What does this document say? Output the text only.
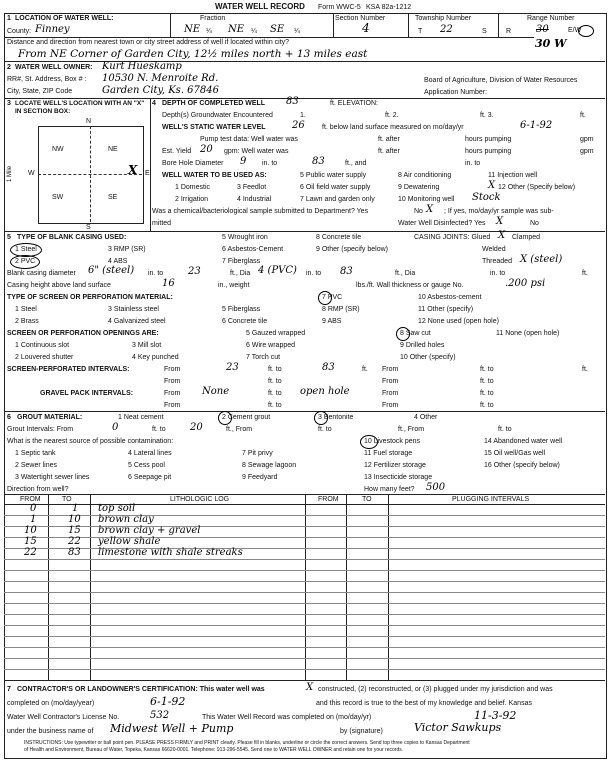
WATER WELL RECORD Form WWC-5 KSA 82a-1212
1 LOCATION OF WATER WELL:	Fraction	Section Number	Township Number	Range Number
County: Finney	NE ¼ NE ¼ SE ¼	4	T 22	S	R 30	E/W
30 W
Distance and direction from nearest town or city street address of well if located within city?
From NE Corner of Garden City, 12½ miles north + 13 miles east
2 WATER WELL OWNER: Kurt Hueskamp
RR#, St. Address, Box # : 10530 N. Menroite Rd.
City, State, ZIP Code	Garden City, Ks. 67846
Board of Agriculture, Division of Water Resources
Application Number:
3 LOCATE WELL'S LOCATION WITH AN "X" IN SECTION BOX:
N
NW	NE
SW	SE
W	E
S
1 Mile	X
4 DEPTH OF COMPLETED WELL 83	ft. ELEVATION:
Depth(s) Groundwater Encountered	1.	ft. 2.	ft. 3.	ft.
WELL'S STATIC WATER LEVEL	26 ft. below land surface measured on mo/day/yr	6-1-92
Pump test data: Well water was	ft. after	hours pumping	gpm
Est. Yield 20 gpm: Well water was	ft. after	hours pumping	gpm
Bore Hole Diameter 9 in. to	83	ft., and	in. to
WELL WATER TO BE USED AS:	5 Public water supply	8 Air conditioning	11 Injection well
1 Domestic	3 Feedlot	6 Oil field water supply	9 Dewatering	12 Other (Specify below)
X
2 Irrigation	4 Industrial	7 Lawn and garden only	10 Monitoring well Stock
Was a chemical/bacteriological sample submitted to Department? Yes	No X ; If yes, mo/day/yr sample was sub-
mitted	Water Well Disinfected? Yes X	No
5 TYPE OF BLANK CASING USED:	5 Wrought iron	8 Concrete tile	CASING JOINTS: Glued X Clamped
1 Steel	3 RMP (SR)	6 Asbestos-Cement	9 Other (specify below)	Welded
2 PVC	4 ABS	7 Fiberglass	Threaded X (steel)
Blank casing diameter 6" (steel) in. to 23	ft., Dia 4 (PVC) in. to 83	ft., Dia	in. to	ft.
Casing height above land surface	16	in., weight	lbs./ft. Wall thickness or gauge No.	.200 psi
TYPE OF SCREEN OR PERFORATION MATERIAL:	7 PVC	10 Asbestos-cement
1 Steel	3 Stainless steel	5 Fiberglass	8 RMP (SR)	11 Other (specify)
2 Brass	4 Galvanized steel	6 Concrete tile	9 ABS	12 None used (open hole)
SCREEN OR PERFORATION OPENINGS ARE:	5 Gauzed wrapped	8 Saw cut	11 None (open hole)
1 Continuous slot	3 Mill slot	6 Wire wrapped	9 Drilled holes
2 Louvered shutter	4 Key punched	7 Torch cut	10 Other (specify)
SCREEN-PERFORATED INTERVALS:	From	23	ft. to	83	ft. From	ft. to	ft.
From	ft. to	From	ft. to
GRAVEL PACK INTERVALS:	From None	ft. to open hole	From	ft. to
From	ft. to	From	ft. to
6 GROUT MATERIAL:	1 Neat cement	2 Cement grout	3 Bentonite	4 Other
Grout Intervals: From	0	ft. to 20	ft., From	ft. to	ft., From	ft. to
What is the nearest source of possible contamination:	10 Livestock pens	14 Abandoned water well
1 Septic tank	4 Lateral lines	7 Pit privy	11 Fuel storage	15 Oil well/Gas well
2 Sewer lines	5 Cess pool	8 Sewage lagoon	12 Fertilizer storage	16 Other (specify below)
3 Watertight sewer lines	6 Seepage pit	9 Feedyard	13 Insecticide storage
Direction from well?	How many feet? 500
FROM	TO	LITHOLOGIC LOG	FROM	TO	PLUGGING INTERVALS
0	1 top soil
1	10 brown clay
10	15 brown clay + gravel
15	22 yellow shale
22	83 limestone with shale streaks
7 CONTRACTOR'S OR LANDOWNER'S CERTIFICATION: This water well was	X constructed, (2) reconstructed, or (3) plugged under my jurisdiction and was
completed on (mo/day/year)	6-1-92	and this record is true to the best of my knowledge and belief. Kansas
Water Well Contractor's License No.	532	This Water Well Record was completed on (mo/day/yr)	11-3-92
under the business name of Midwest Well + Pump	by (signature)	Victor Sawkups
INSTRUCTIONS: Use typewriter or ball point pen. PLEASE PRESS FIRMLY and PRINT clearly. Please fill in blanks, underline or circle the correct answers. Send top three copies to Kansas Department
of Health and Environment, Bureau of Water, Topeka, Kansas 66620-0001. Telephone: 913-296-5545. Send one to WATER WELL OWNER and retain one for your records.
